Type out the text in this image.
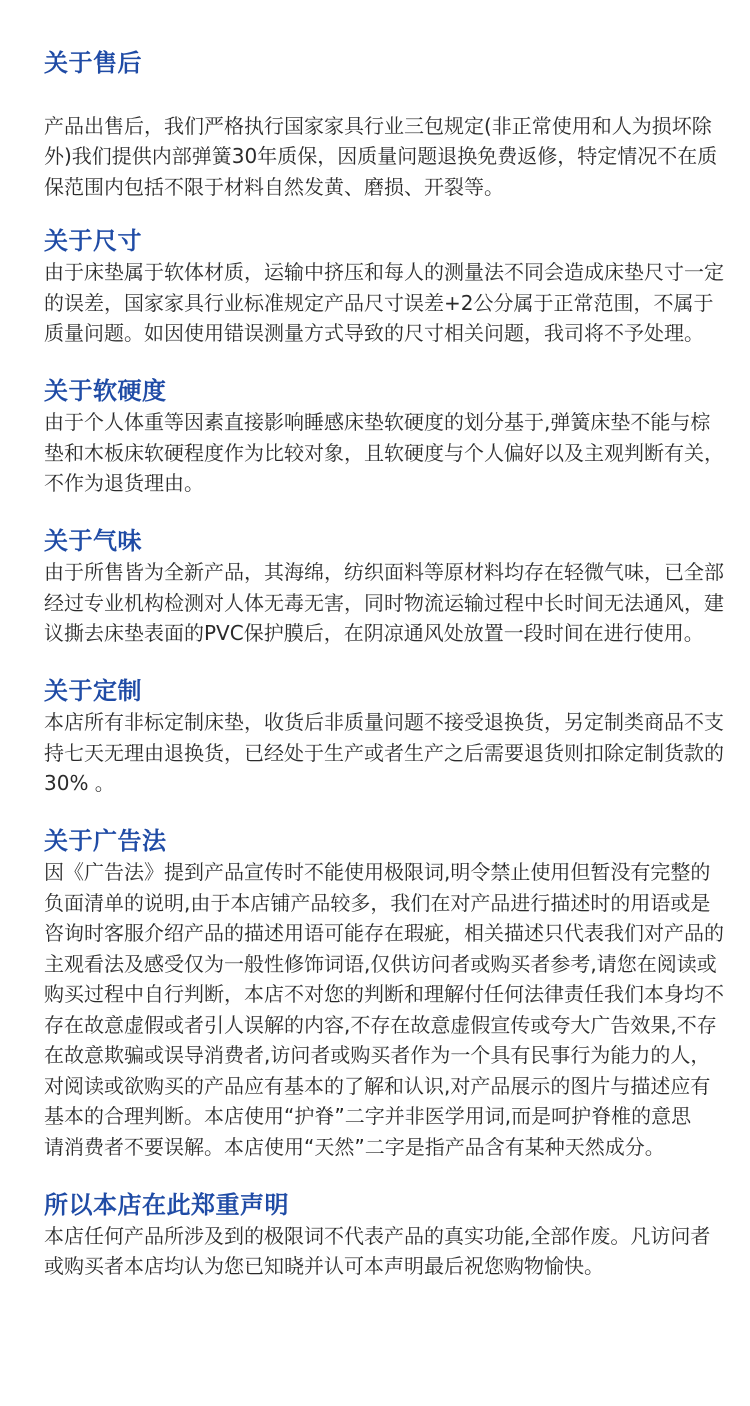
关于售后
产品出售后，我们严格执行国家家具行业三包规定(非正常使用和人为损坏除
外)我们提供内部弹簧30年质保，因质量问题退换免费返修，特定情况不在质
保范围内包括不限于材料自然发黄、磨损、开裂等。
关于尺寸
由于床垫属于软体材质，运输中挤压和每人的测量法不同会造成床垫尺寸一定
的误差，国家家具行业标准规定产品尺寸误差+2公分属于正常范围，不属于
质量问题。如因使用错误测量方式导致的尺寸相关问题，我司将不予处理。
关于软硬度
由于个人体重等因素直接影响睡感床垫软硬度的划分基于,弹簧床垫不能与棕
垫和木板床软硬程度作为比较对象，且软硬度与个人偏好以及主观判断有关，
不作为退货理由。
关于气味
由于所售皆为全新产品，其海绵，纺织面料等原材料均存在轻微气味，已全部
经过专业机构检测对人体无毒无害，同时物流运输过程中长时间无法通风，建
议撕去床垫表面的PVC保护膜后，在阴凉通风处放置一段时间在进行使用。
关于定制
本店所有非标定制床垫，收货后非质量问题不接受退换货，另定制类商品不支
持七天无理由退换货，已经处于生产或者生产之后需要退货则扣除定制货款的
30% 。
关于广告法
因《广告法》提到产品宣传时不能使用极限词,明令禁止使用但暂没有完整的
负面清单的说明,由于本店铺产品较多，我们在对产品进行描述时的用语或是
咨询时客服介绍产品的描述用语可能存在瑕疵，相关描述只代表我们对产品的
主观看法及感受仅为一般性修饰词语,仅供访问者或购买者参考,请您在阅读或
购买过程中自行判断，本店不对您的判断和理解付任何法律责任我们本身均不
存在故意虚假或者引人误解的内容,不存在故意虚假宣传或夸大广告效果,不存
在故意欺骗或误导消费者,访问者或购买者作为一个具有民事行为能力的人，
对阅读或欲购买的产品应有基本的了解和认识,对产品展示的图片与描述应有
基本的合理判断。本店使用“护脊”二字并非医学用词,而是呵护脊椎的意思
请消费者不要误解。本店使用“天然”二字是指产品含有某种天然成分。
所以本店在此郑重声明
本店任何产品所涉及到的极限词不代表产品的真实功能,全部作废。凡访问者
或购买者本店均认为您已知晓并认可本声明最后祝您购物愉快。
